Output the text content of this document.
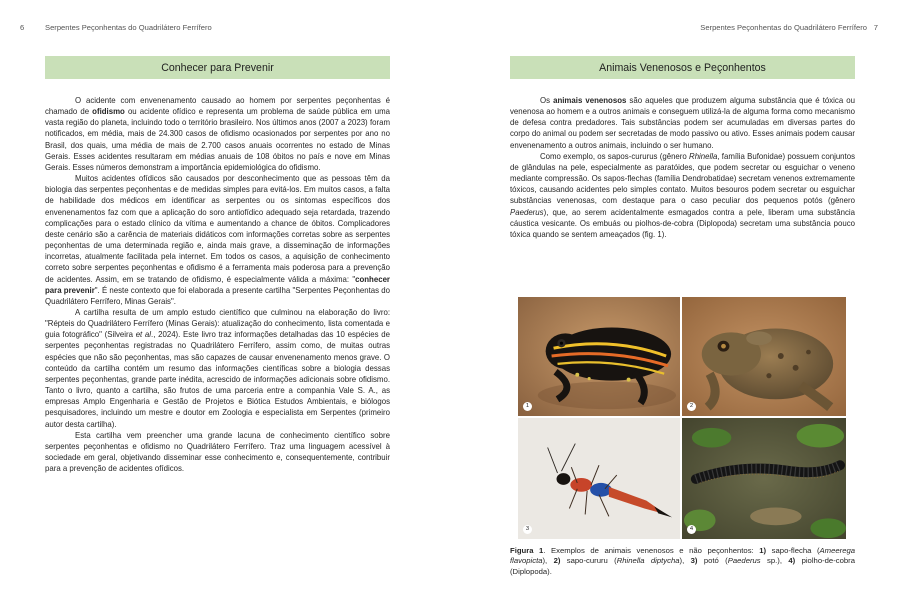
6	Serpentes Peçonhentas do Quadrilátero Ferrífero
Conhecer para Prevenir

O acidente com envenenamento causado ao homem por serpentes peçonhentas é chamado de ofidismo ou acidente ofídico e representa um problema de saúde pública em uma vasta região do planeta, incluindo todo o território brasileiro. Nos últimos anos (2007 a 2023) foram notificados, em média, mais de 24.300 casos de ofidismo ocasionados por serpentes por ano no Brasil, dos quais, uma média de mais de 2.700 casos anuais ocorrentes no estado de Minas Gerais. Esses acidentes resultaram em médias anuais de 108 óbitos no país e nove em Minas Gerais. Esses números demonstram a importância epidemiológica do ofidismo.

Muitos acidentes ofídicos são causados por desconhecimento que as pessoas têm da biologia das serpentes peçonhentas e de medidas simples para evitá-los. Em muitos casos, a falta de habilidade dos médicos em identificar as serpentes ou os sintomas específicos dos envenenamentos faz com que a aplicação do soro antiofídico adequado seja retardada, trazendo complicações para o estado clínico da vítima e aumentando a chance de óbitos. Complicadores deste cenário são a carência de materiais didáticos com informações corretas sobre as serpentes peçonhentas de uma determinada região e, ainda mais grave, a disseminação de informações incorretas, atualmente facilitada pela internet. Em todos os casos, a aquisição de conhecimento correto sobre serpentes peçonhentas e ofidismo é a ferramenta mais poderosa para a prevenção de acidentes. Assim, em se tratando de ofidismo, é especialmente válida a máxima: "conhecer para prevenir". É neste contexto que foi elaborada a presente cartilha "Serpentes Peçonhentas do Quadrilátero Ferrífero, Minas Gerais".

A cartilha resulta de um amplo estudo científico que culminou na elaboração do livro: "Répteis do Quadrilátero Ferrífero (Minas Gerais): atualização do conhecimento, lista comentada e guia fotográfico" (Silveira et al., 2024). Este livro traz informações detalhadas das 10 espécies de serpentes peçonhentas registradas no Quadrilátero Ferrífero, assim como, de muitas outras espécies que não são peçonhentas, mas são capazes de causar envenenamento menos grave. O conteúdo da cartilha contém um resumo das informações científicas sobre a biologia dessas serpentes peçonhentas, grande parte inédita, acrescido de informações adicionais sobre ofidismo. Tanto o livro, quanto a cartilha, são frutos de uma parceria entre a companhia Vale S. A., as empresas Amplo Engenharia e Gestão de Projetos e Biótica Estudos Ambientais, e biólogos pesquisadores, incluindo um mestre e doutor em Zoologia e especialista em Serpentes (primeiro autor desta cartilha).

Esta cartilha vem preencher uma grande lacuna de conhecimento científico sobre serpentes peçonhentas e ofidismo no Quadrilátero Ferrífero. Traz uma linguagem acessível à sociedade em geral, objetivando disseminar esse conhecimento e, consequentemente, contribuir para a prevenção de acidentes ofídicos.

Serpentes Peçonhentas do Quadrilátero Ferrífero 7
Animais Venenosos e Peçonhentos

Os animais venenosos são aqueles que produzem alguma substância que é tóxica ou venenosa ao homem e a outros animais e conseguem utilizá-la de alguma forma como mecanismo de defesa contra predadores. Tais substâncias podem ser acumuladas em diversas partes do corpo do animal ou podem ser secretadas de modo passivo ou ativo. Esses animais podem causar envenenamento a outros animais, incluindo o ser humano.

Como exemplo, os sapos-cururus (gênero Rhinella, família Bufonidae) possuem conjuntos de glândulas na pele, especialmente as paratóides, que podem secretar ou esguichar o veneno mediante compressão. Os sapos-flechas (família Dendrobatidae) secretam venenos extremamente tóxicos, causando acidentes pelo simples contato. Muitos besouros podem secretar ou esguichar substâncias venenosas, com destaque para o caso peculiar dos pequenos potós (gênero Paederus), que, ao serem acidentalmente esmagados contra a pele, liberam uma substância cáustica vesicante. Os embuás ou piolhos-de-cobra (Diplopoda) secretam uma substância pouco tóxica quando se sentem ameaçados (fig. 1).

1	2
3	4
Figura 1. Exemplos de animais venenosos e não peçonhentos: 1) sapo-flecha (Ameerega flavopicta), 2) sapo-cururu (Rhinella diptycha), 3) potó (Paederus sp.), 4) piolho-de-cobra (Diplopoda).
